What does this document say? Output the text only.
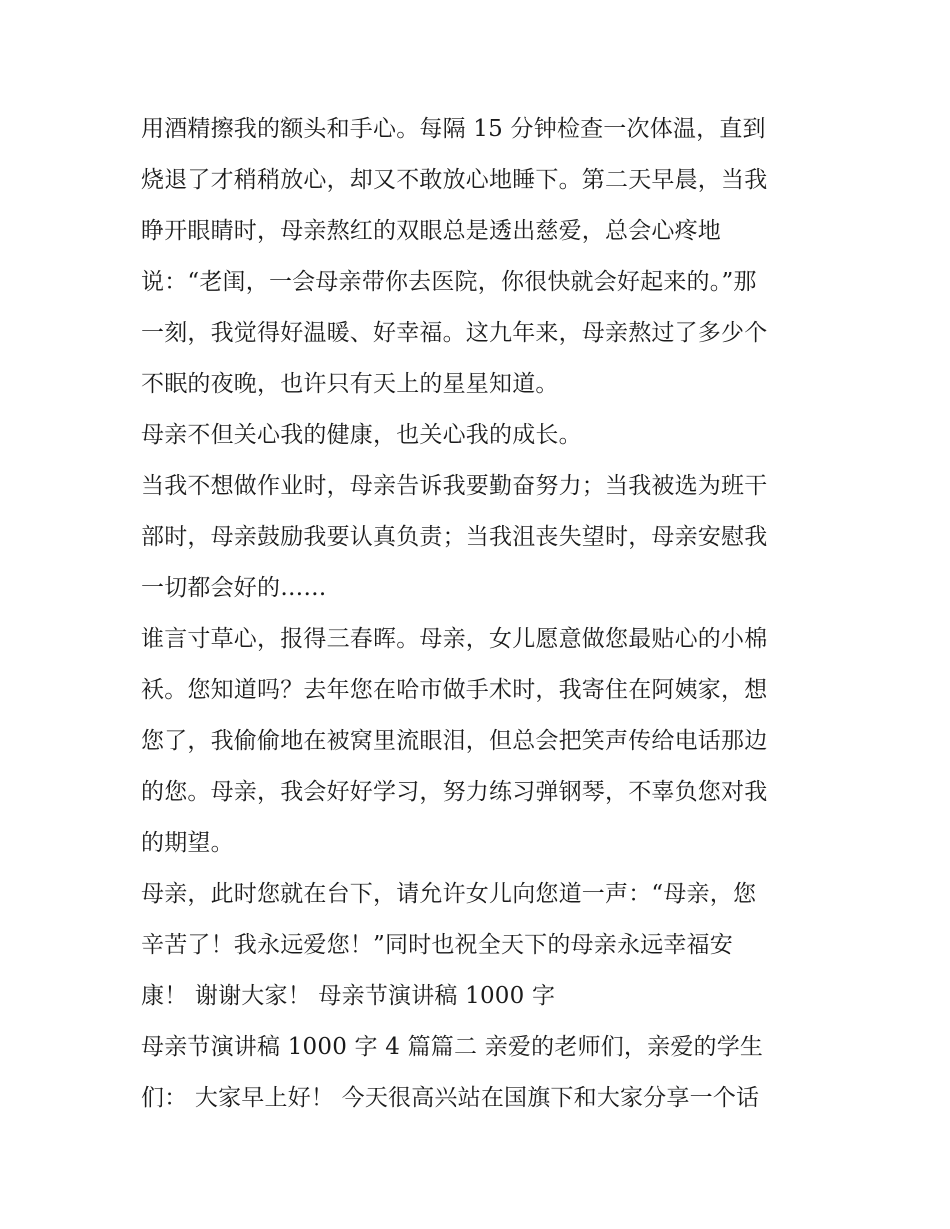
用酒精擦我的额头和手心。每隔 15 分钟检查一次体温，直到
烧退了才稍稍放心，却又不敢放心地睡下。第二天早晨，当我
睁开眼睛时，母亲熬红的双眼总是透出慈爱，总会心疼地
说：“老闺，一会母亲带你去医院，你很快就会好起来的。”那
一刻，我觉得好温暖、好幸福。这九年来，母亲熬过了多少个
不眠的夜晚，也许只有天上的星星知道。
母亲不但关心我的健康，也关心我的成长。
当我不想做作业时，母亲告诉我要勤奋努力；当我被选为班干
部时，母亲鼓励我要认真负责；当我沮丧失望时，母亲安慰我
一切都会好的……
谁言寸草心，报得三春晖。母亲，女儿愿意做您最贴心的小棉
袄。您知道吗？去年您在哈市做手术时，我寄住在阿姨家，想
您了，我偷偷地在被窝里流眼泪，但总会把笑声传给电话那边
的您。母亲，我会好好学习，努力练习弹钢琴，不辜负您对我
的期望。
母亲，此时您就在台下，请允许女儿向您道一声：“母亲，您
辛苦了！我永远爱您！”同时也祝全天下的母亲永远幸福安
康！ 谢谢大家！ 母亲节演讲稿 1000 字
母亲节演讲稿 1000 字 4 篇篇二 亲爱的老师们，亲爱的学生
们： 大家早上好！ 今天很高兴站在国旗下和大家分享一个话
